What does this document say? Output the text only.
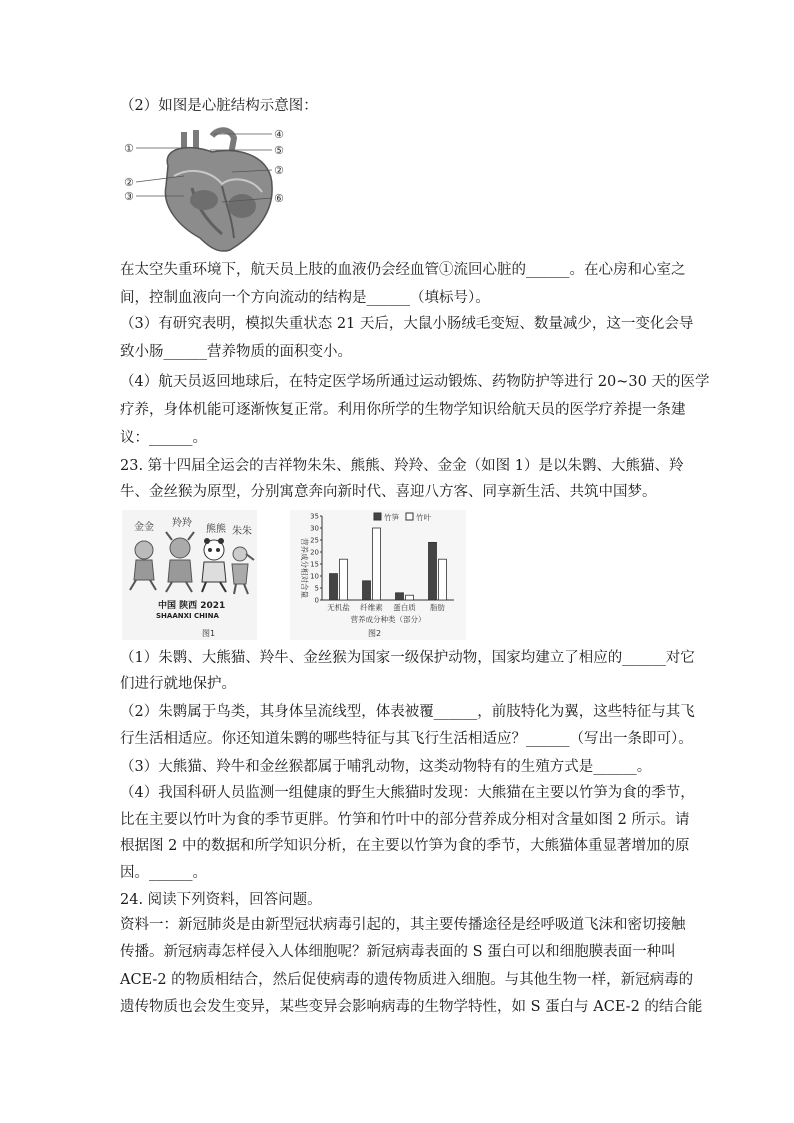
（2）如图是心脏结构示意图：
①
②
③
④
⑤
②
⑥
在太空失重环境下，航天员上肢的血液仍会经血管①流回心脏的______。在心房和心室之
间，控制血液向一个方向流动的结构是______（填标号）。
（3）有研究表明，模拟失重状态 21 天后，大鼠小肠绒毛变短、数量减少，这一变化会导
致小肠______营养物质的面积变小。
（4）航天员返回地球后，在特定医学场所通过运动锻炼、药物防护等进行 20~30 天的医学
疗养，身体机能可逐渐恢复正常。利用你所学的生物学知识给航天员的医学疗养提一条建
议：______。
23. 第十四届全运会的吉祥物朱朱、熊熊、羚羚、金金（如图 1）是以朱鹮、大熊猫、羚
牛、金丝猴为原型，分别寓意奔向新时代、喜迎八方客、同享新生活、共筑中国梦。
金金 羚羚
熊熊 朱朱
中国 陕西 2021
SHAANXI CHINA
图1
营养成分相对含量
0
5
10
15
20
25
30
35
无机盐 纤维素 蛋白质 脂肪
竹笋 竹叶
营养成分种类（部分）
图2
（1）朱鹮、大熊猫、羚牛、金丝猴为国家一级保护动物，国家均建立了相应的______对它
们进行就地保护。
（2）朱鹮属于鸟类，其身体呈流线型，体表被覆______，前肢特化为翼，这些特征与其飞
行生活相适应。你还知道朱鹮的哪些特征与其飞行生活相适应？______（写出一条即可）。
（3）大熊猫、羚牛和金丝猴都属于哺乳动物，这类动物特有的生殖方式是______。
（4）我国科研人员监测一组健康的野生大熊猫时发现：大熊猫在主要以竹笋为食的季节，
比在主要以竹叶为食的季节更胖。竹笋和竹叶中的部分营养成分相对含量如图 2 所示。请
根据图 2 中的数据和所学知识分析，在主要以竹笋为食的季节，大熊猫体重显著增加的原
因。______。
24. 阅读下列资料，回答问题。
资料一：新冠肺炎是由新型冠状病毒引起的，其主要传播途径是经呼吸道飞沫和密切接触
传播。新冠病毒怎样侵入人体细胞呢？新冠病毒表面的 S 蛋白可以和细胞膜表面一种叫
ACE-2 的物质相结合，然后促使病毒的遗传物质进入细胞。与其他生物一样，新冠病毒的
遗传物质也会发生变异，某些变异会影响病毒的生物学特性，如 S 蛋白与 ACE-2 的结合能
